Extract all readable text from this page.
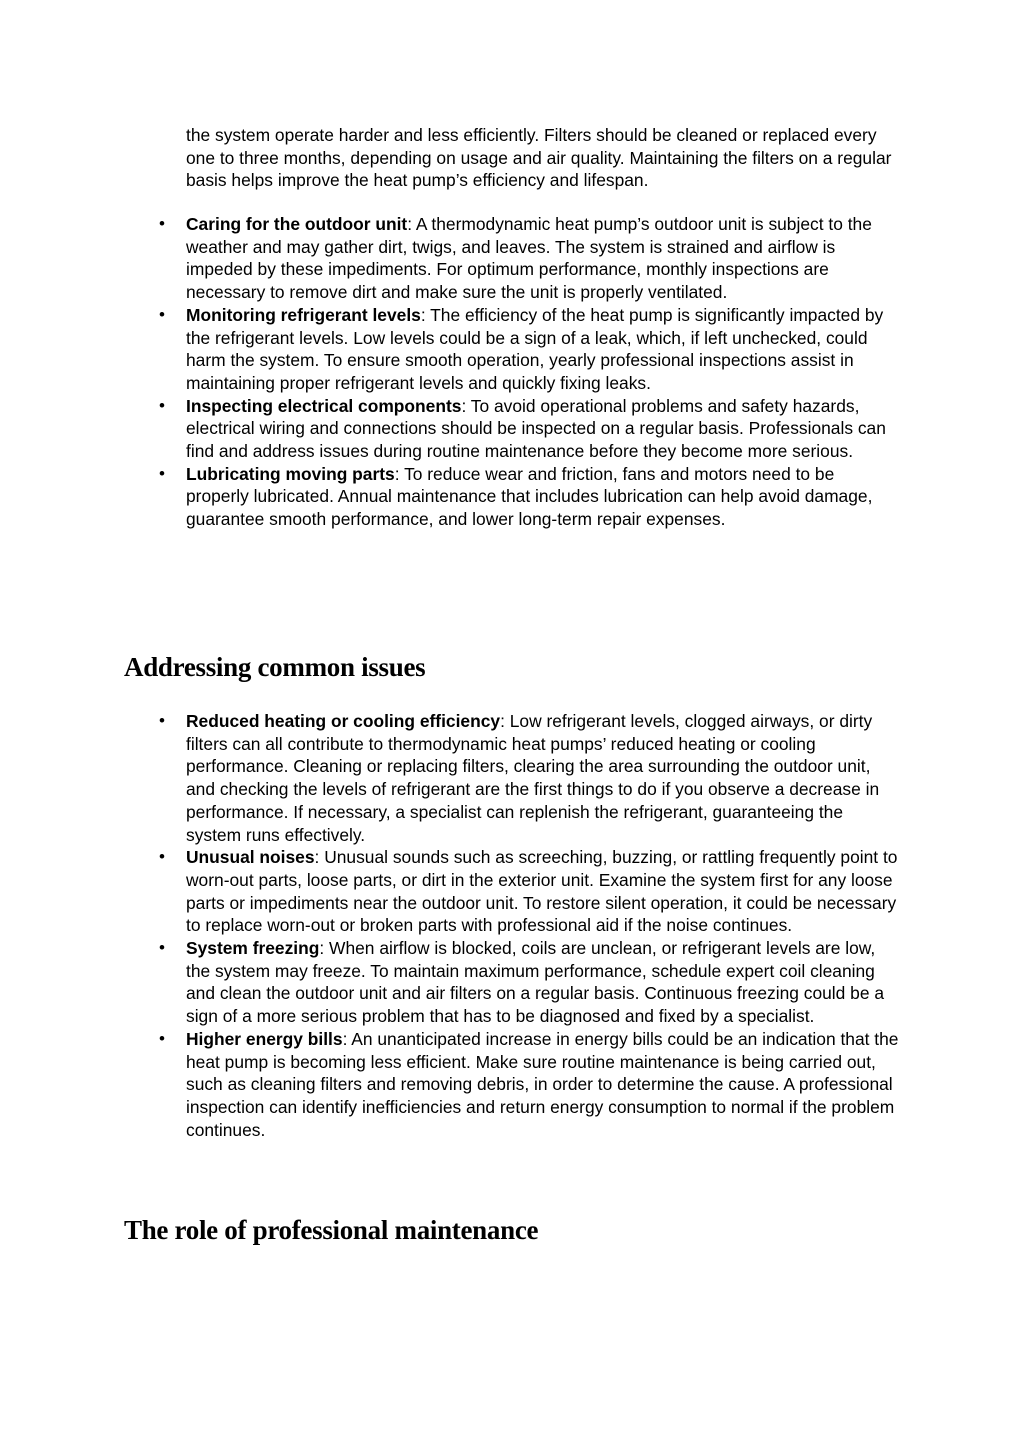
the system operate harder and less efficiently. Filters should be cleaned or replaced every one to three months, depending on usage and air quality. Maintaining the filters on a regular basis helps improve the heat pump’s efficiency and lifespan.

• Caring for the outdoor unit: A thermodynamic heat pump’s outdoor unit is subject to the weather and may gather dirt, twigs, and leaves. The system is strained and airflow is impeded by these impediments. For optimum performance, monthly inspections are necessary to remove dirt and make sure the unit is properly ventilated.
• Monitoring refrigerant levels: The efficiency of the heat pump is significantly impacted by the refrigerant levels. Low levels could be a sign of a leak, which, if left unchecked, could harm the system. To ensure smooth operation, yearly professional inspections assist in maintaining proper refrigerant levels and quickly fixing leaks.
• Inspecting electrical components: To avoid operational problems and safety hazards, electrical wiring and connections should be inspected on a regular basis. Professionals can find and address issues during routine maintenance before they become more serious.
• Lubricating moving parts: To reduce wear and friction, fans and motors need to be properly lubricated. Annual maintenance that includes lubrication can help avoid damage, guarantee smooth performance, and lower long-term repair expenses.
Addressing common issues
• Reduced heating or cooling efficiency: Low refrigerant levels, clogged airways, or dirty filters can all contribute to thermodynamic heat pumps’ reduced heating or cooling performance. Cleaning or replacing filters, clearing the area surrounding the outdoor unit, and checking the levels of refrigerant are the first things to do if you observe a decrease in performance. If necessary, a specialist can replenish the refrigerant, guaranteeing the system runs effectively.
• Unusual noises: Unusual sounds such as screeching, buzzing, or rattling frequently point to worn-out parts, loose parts, or dirt in the exterior unit. Examine the system first for any loose parts or impediments near the outdoor unit. To restore silent operation, it could be necessary to replace worn-out or broken parts with professional aid if the noise continues.
• System freezing: When airflow is blocked, coils are unclean, or refrigerant levels are low, the system may freeze. To maintain maximum performance, schedule expert coil cleaning and clean the outdoor unit and air filters on a regular basis. Continuous freezing could be a sign of a more serious problem that has to be diagnosed and fixed by a specialist.
• Higher energy bills: An unanticipated increase in energy bills could be an indication that the heat pump is becoming less efficient. Make sure routine maintenance is being carried out, such as cleaning filters and removing debris, in order to determine the cause. A professional inspection can identify inefficiencies and return energy consumption to normal if the problem continues.
The role of professional maintenance
